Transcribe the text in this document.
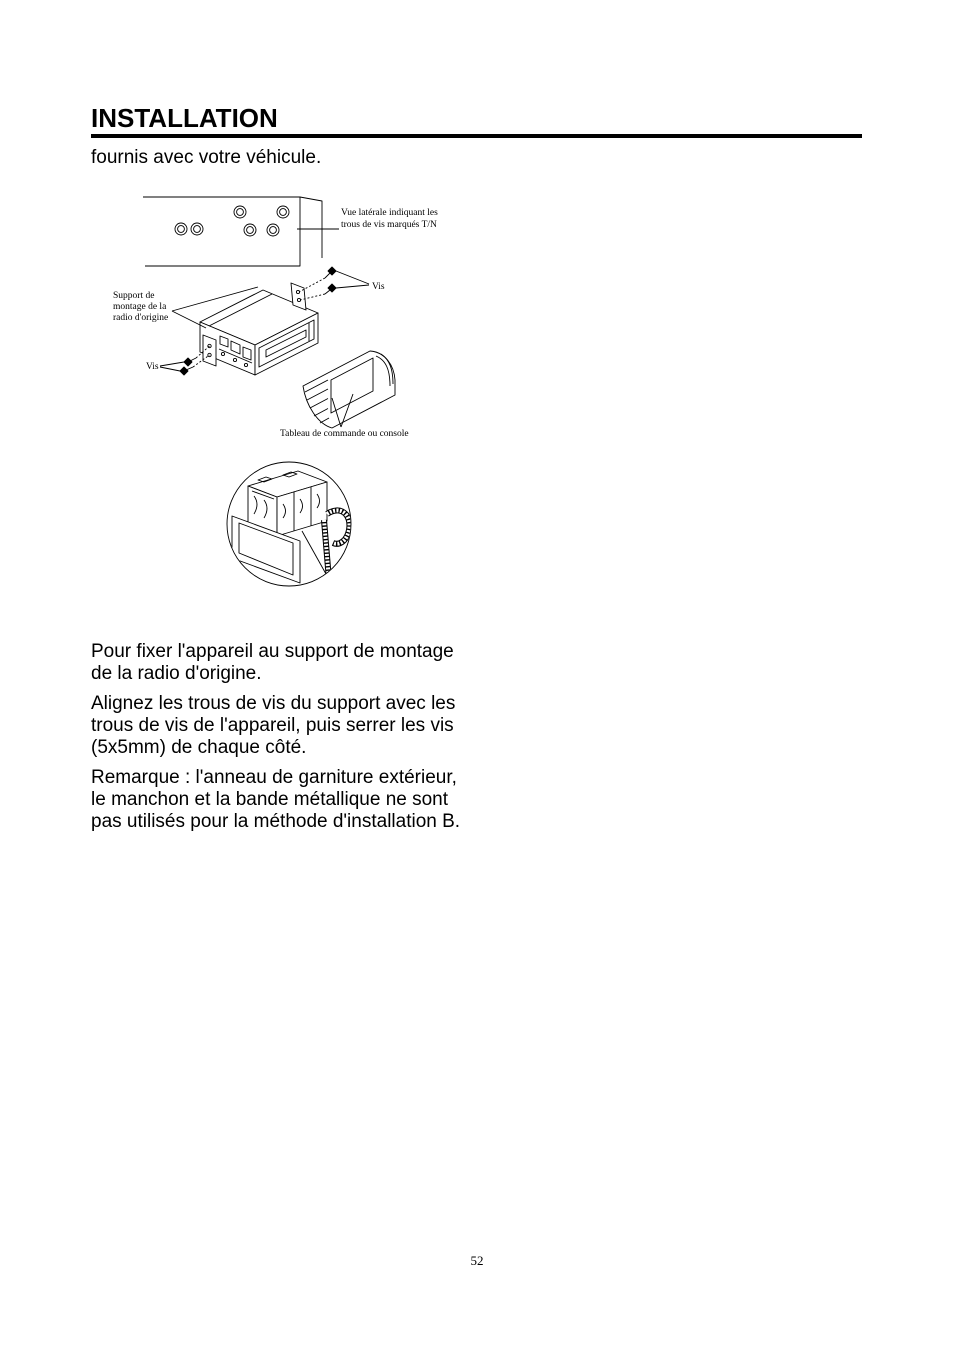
INSTALLATION
fournis avec votre véhicule.
Vue latérale indiquant les
trous de vis marqués T/N
Vis
Support de
montage de la
radio d'origine
Vis
Tableau de commande ou console
Pour fixer l'appareil au support de montage
de la radio d'origine.
Alignez les trous de vis du support avec les
trous de vis de l'appareil, puis serrer les vis
(5x5mm) de chaque côté.
Remarque : l'anneau de garniture extérieur,
le manchon et la bande métallique ne sont
pas utilisés pour la méthode d'installation B.
52
